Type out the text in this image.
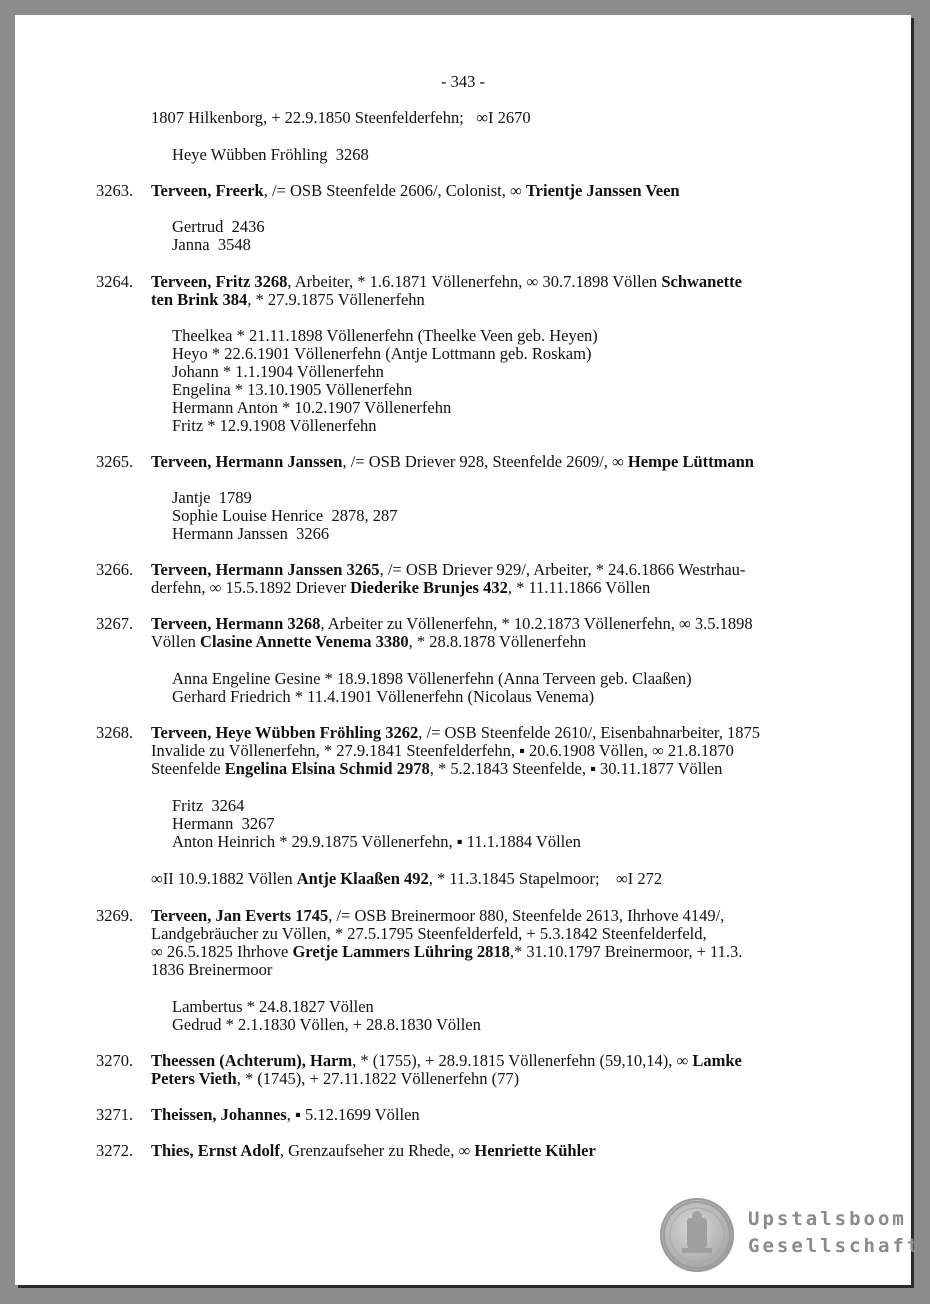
- 343 -
1807 Hilkenborg, + 22.9.1850 Steenfelderfehn;   ∞I 2670
Heye Wübben Fröhling  3268
3263. Terveen, Freerk, /= OSB Steenfelde 2606/, Colonist, ∞ Trientje Janssen Veen
Gertrud  2436
Janna  3548
3264. Terveen, Fritz 3268, Arbeiter, * 1.6.1871 Völlenerfehn, ∞ 30.7.1898 Völlen Schwanette
ten Brink 384, * 27.9.1875 Völlenerfehn
Theelkea * 21.11.1898 Völlenerfehn (Theelke Veen geb. Heyen)
Heyo * 22.6.1901 Völlenerfehn (Antje Lottmann geb. Roskam)
Johann * 1.1.1904 Völlenerfehn
Engelina * 13.10.1905 Völlenerfehn
Hermann Anton * 10.2.1907 Völlenerfehn
Fritz * 12.9.1908 Völlenerfehn
3265. Terveen, Hermann Janssen, /= OSB Driever 928, Steenfelde 2609/, ∞ Hempe Lüttmann
Jantje  1789
Sophie Louise Henrice  2878, 287
Hermann Janssen  3266
3266. Terveen, Hermann Janssen 3265, /= OSB Driever 929/, Arbeiter, * 24.6.1866 Westrhau-
derfehn, ∞ 15.5.1892 Driever Diederike Brunjes 432, * 11.11.1866 Völlen
3267. Terveen, Hermann 3268, Arbeiter zu Völlenerfehn, * 10.2.1873 Völlenerfehn, ∞ 3.5.1898
Völlen Clasine Annette Venema 3380, * 28.8.1878 Völlenerfehn
Anna Engeline Gesine * 18.9.1898 Völlenerfehn (Anna Terveen geb. Claaßen)
Gerhard Friedrich * 11.4.1901 Völlenerfehn (Nicolaus Venema)
3268. Terveen, Heye Wübben Fröhling 3262, /= OSB Steenfelde 2610/, Eisenbahnarbeiter, 1875
Invalide zu Völlenerfehn, * 27.9.1841 Steenfelderfehn, ▪ 20.6.1908 Völlen, ∞ 21.8.1870
Steenfelde Engelina Elsina Schmid 2978, * 5.2.1843 Steenfelde, ▪ 30.11.1877 Völlen
Fritz  3264
Hermann  3267
Anton Heinrich * 29.9.1875 Völlenerfehn, ▪ 11.1.1884 Völlen
∞II 10.9.1882 Völlen Antje Klaaßen 492, * 11.3.1845 Stapelmoor;    ∞I 272
3269. Terveen, Jan Everts 1745, /= OSB Breinermoor 880, Steenfelde 2613, Ihrhove 4149/,
Landgebräucher zu Völlen, * 27.5.1795 Steenfelderfeld, + 5.3.1842 Steenfelderfeld,
∞ 26.5.1825 Ihrhove Gretje Lammers Lühring 2818,* 31.10.1797 Breinermoor, + 11.3.
1836 Breinermoor
Lambertus * 24.8.1827 Völlen
Gedrud * 2.1.1830 Völlen, + 28.8.1830 Völlen
3270. Theessen (Achterum), Harm, * (1755), + 28.9.1815 Völlenerfehn (59,10,14), ∞ Lamke
Peters Vieth, * (1745), + 27.11.1822 Völlenerfehn (77)
3271. Theissen, Johannes, ▪ 5.12.1699 Völlen
3272. Thies, Ernst Adolf, Grenzaufseher zu Rhede, ∞ Henriette Kühler
Upstalsboom
Gesellschaft
